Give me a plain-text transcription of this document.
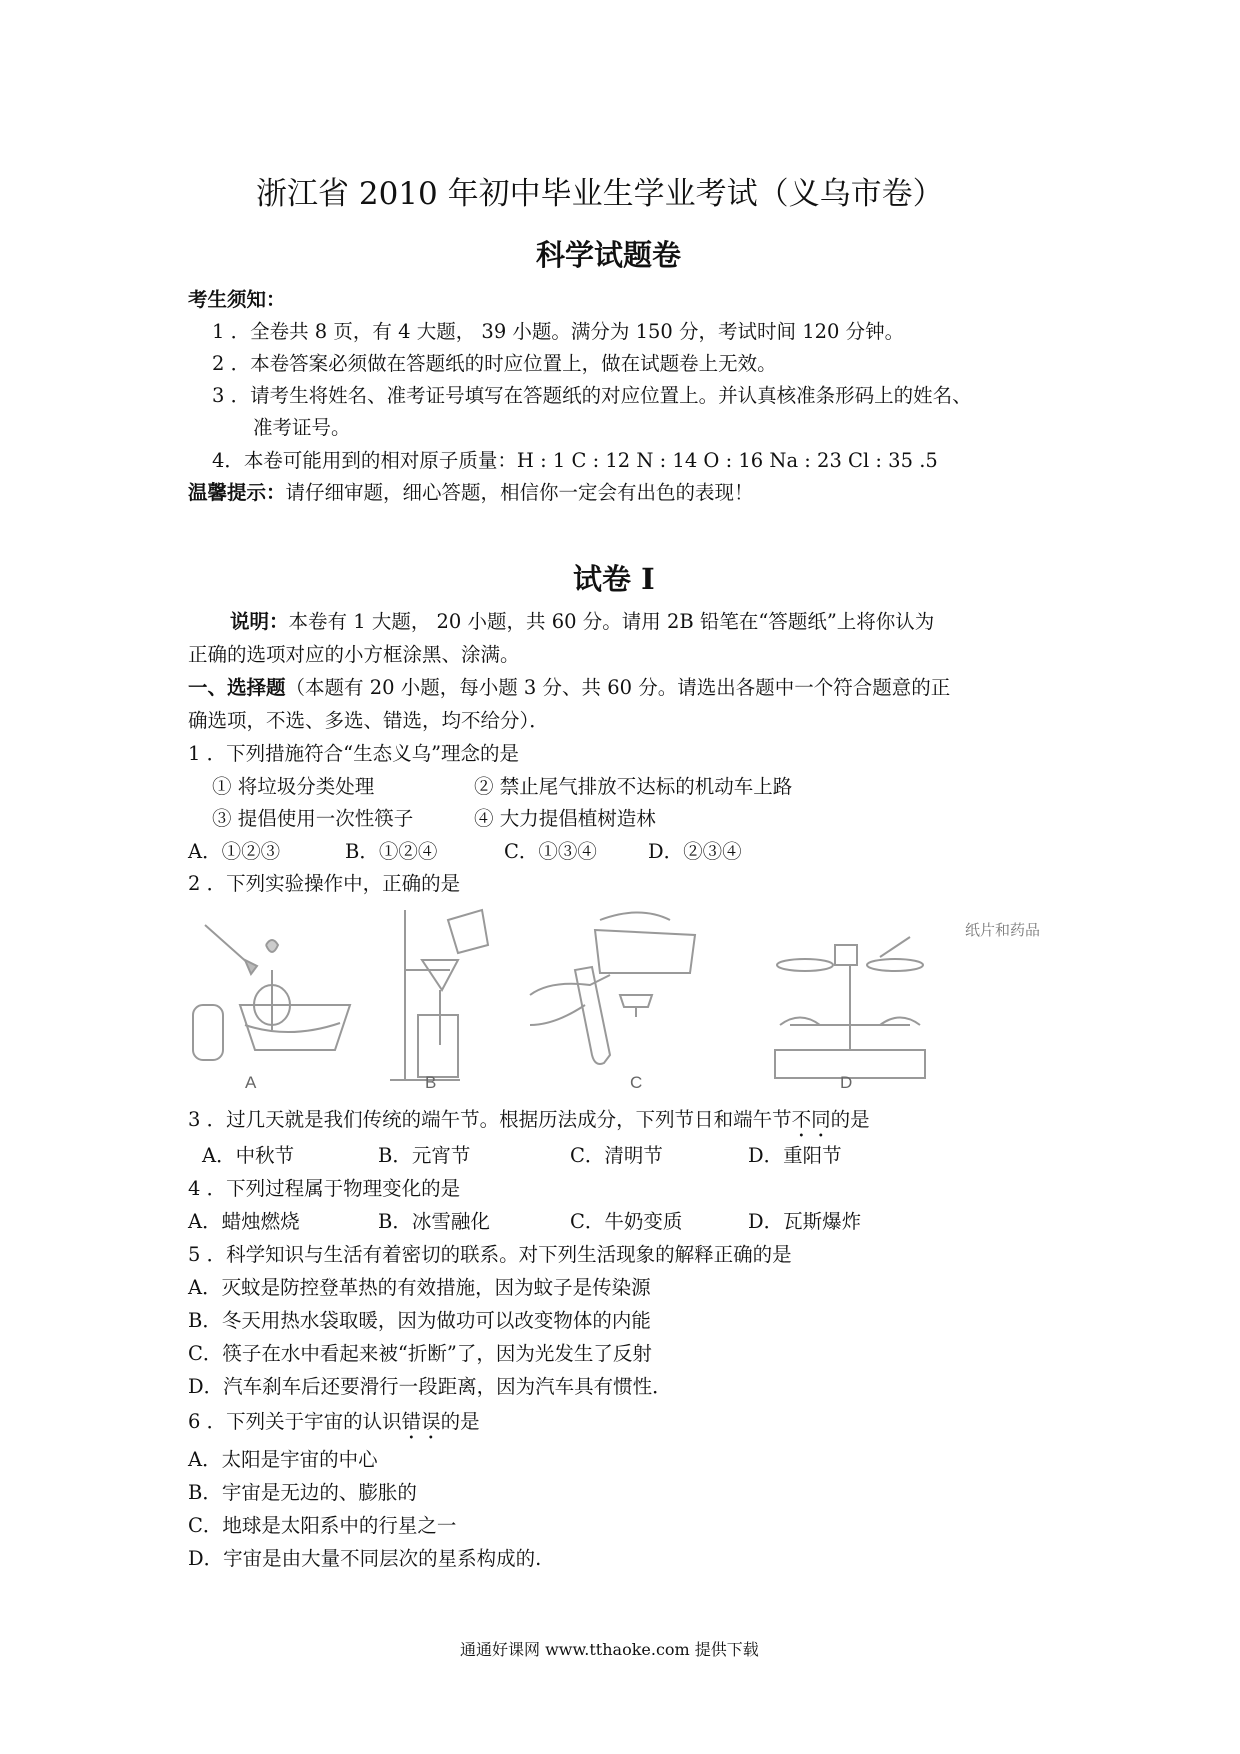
浙江省 2010 年初中毕业生学业考试（义乌市卷）
科学试题卷
考生须知：
1 ．全卷共 8 页，有 4 大题， 39 小题。满分为 150 分，考试时间 120 分钟。
2 ．本卷答案必须做在答题纸的时应位置上，做在试题卷上无效。
3 ．请考生将姓名、准考证号填写在答题纸的对应位置上。并认真核准条形码上的姓名、
准考证号。
4．本卷可能用到的相对原子质量：H : 1 C : 12 N : 14 O : 16 Na : 23 Cl : 35 .5
温馨提示：请仔细审题，细心答题，相信你一定会有出色的表现！
试卷 I
说明：本卷有 1 大题， 20 小题，共 60 分。请用 2B 铅笔在“答题纸”上将你认为
正确的选项对应的小方框涂黑、涂满。
一、选择题（本题有 20 小题，每小题 3 分、共 60 分。请选出各题中一个符合题意的正
确选项，不选、多选、错选，均不给分）．
1 ．下列措施符合“生态义乌”理念的是
① 将垃圾分类处理	② 禁止尾气排放不达标的机动车上路
③ 提倡使用一次性筷子	④ 大力提倡植树造林
A．①②③	B．①②④	C．①③④	D．②③④
2 ．下列实验操作中，正确的是
A	B	C	D
纸片和药品
3 ．过几天就是我们传统的端午节。根据历法成分，下列节日和端午节不同的是
A．中秋节	B．元宵节	C．清明节	D．重阳节
4 ．下列过程属于物理变化的是
A．蜡烛燃烧	B．冰雪融化	C．牛奶变质	D．瓦斯爆炸
5 ．科学知识与生活有着密切的联系。对下列生活现象的解释正确的是
A．灭蚊是防控登革热的有效措施，因为蚊子是传染源
B．冬天用热水袋取暖，因为做功可以改变物体的内能
C．筷子在水中看起来被“折断”了，因为光发生了反射
D．汽车刹车后还要滑行一段距离，因为汽车具有惯性．
6 ．下列关于宇宙的认识错误的是
A．太阳是宇宙的中心
B．宇宙是无边的、膨胀的
C．地球是太阳系中的行星之一
D．宇宙是由大量不同层次的星系构成的.
通通好课网 www.tthaoke.com 提供下载
